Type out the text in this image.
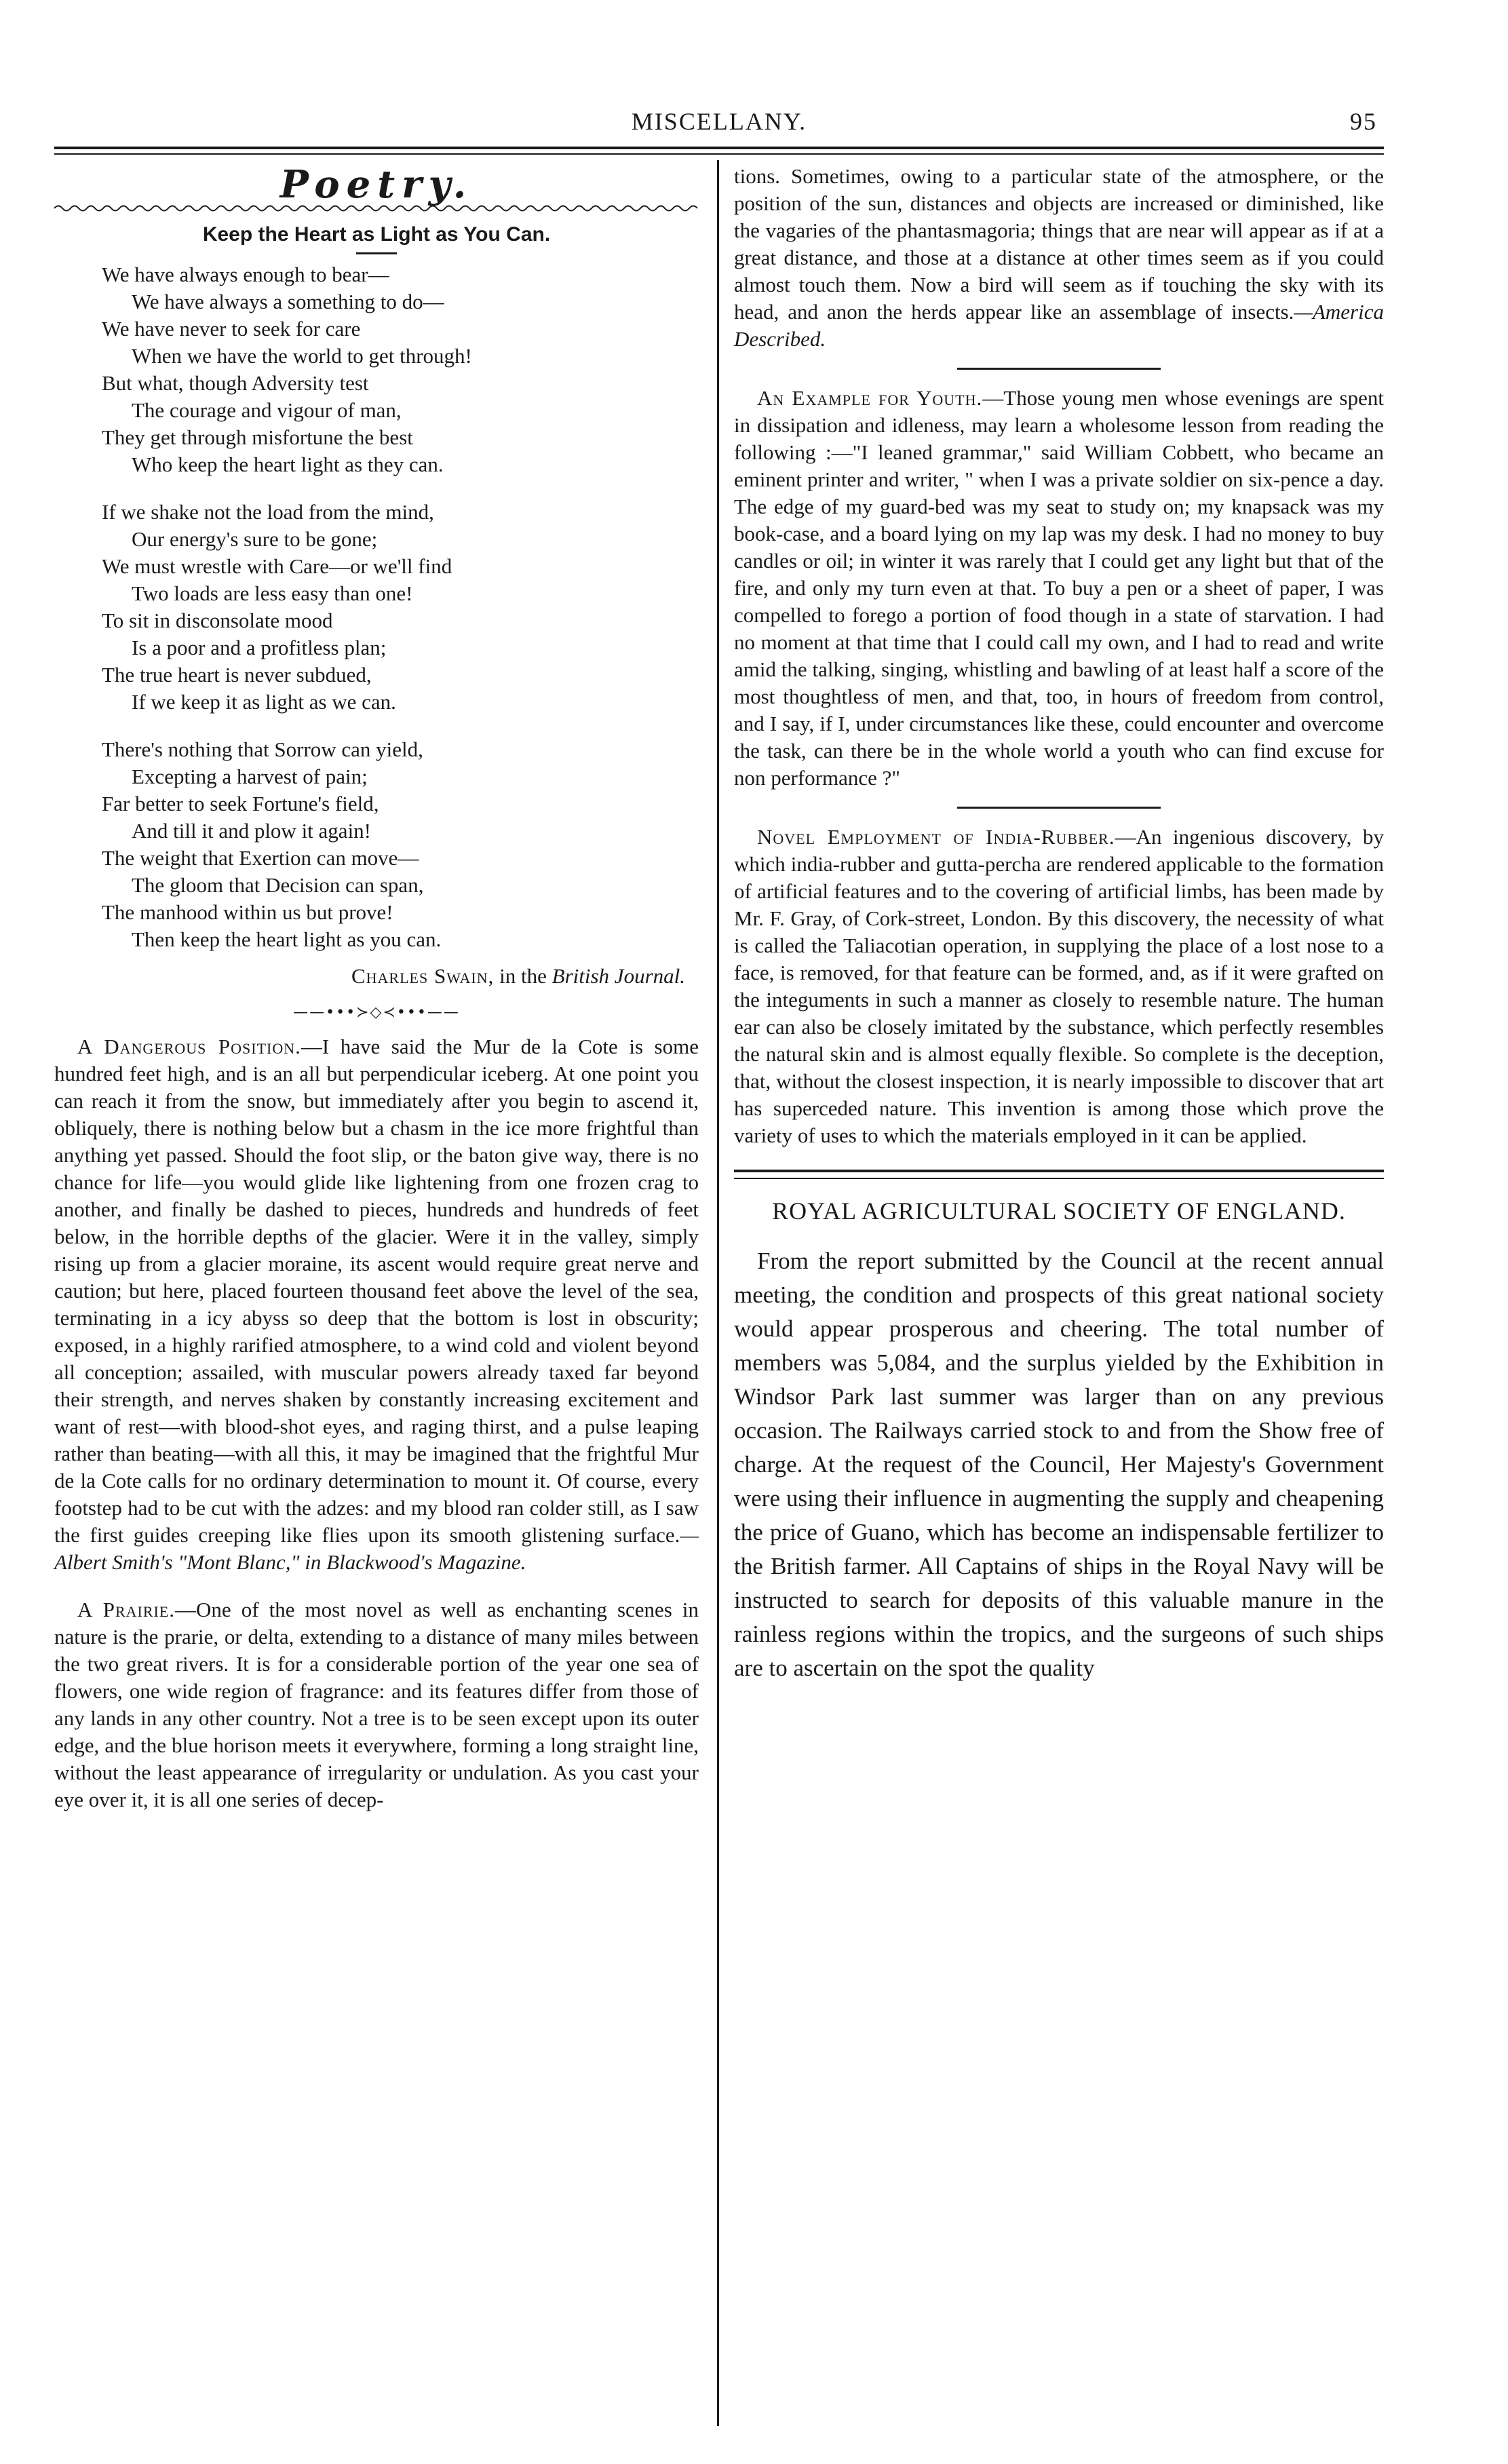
MISCELLANY.	95
Poetry.
Keep the Heart as Light as You Can.
We have always enough to bear—
We have always a something to do—
We have never to seek for care
When we have the world to get through!
But what, though Adversity test
The courage and vigour of man,
They get through misfortune the best
Who keep the heart light as they can.
If we shake not the load from the mind,
Our energy's sure to be gone;
We must wrestle with Care—or we'll find
Two loads are less easy than one!
To sit in disconsolate mood
Is a poor and a profitless plan;
The true heart is never subdued,
If we keep it as light as we can.
There's nothing that Sorrow can yield,
Excepting a harvest of pain;
Far better to seek Fortune's field,
And till it and plow it again!
The weight that Exertion can move—
The gloom that Decision can span,
The manhood within us but prove!
Then keep the heart light as you can.
Charles Swain, in the British Journal.
——•••≻◇≺•••——

A Dangerous Position.—I have said the Mur de la Cote is some hundred feet high, and is an all but perpendicular iceberg. At one point you can reach it from the snow, but immediately after you begin to ascend it, obliquely, there is nothing below but a chasm in the ice more frightful than anything yet passed. Should the foot slip, or the baton give way, there is no chance for life—you would glide like lightening from one frozen crag to another, and finally be dashed to pieces, hundreds and hundreds of feet below, in the horrible depths of the glacier. Were it in the valley, simply rising up from a glacier moraine, its ascent would require great nerve and caution; but here, placed fourteen thousand feet above the level of the sea, terminating in a icy abyss so deep that the bottom is lost in obscurity; exposed, in a highly rarified atmosphere, to a wind cold and violent beyond all conception; assailed, with muscular powers already taxed far beyond their strength, and nerves shaken by constantly increasing excitement and want of rest—with blood-shot eyes, and raging thirst, and a pulse leaping rather than beating—with all this, it may be imagined that the frightful Mur de la Cote calls for no ordinary determination to mount it. Of course, every footstep had to be cut with the adzes: and my blood ran colder still, as I saw the first guides creeping like flies upon its smooth glistening surface.—Albert Smith's "Mont Blanc," in Blackwood's Magazine.

A Prairie.—One of the most novel as well as enchanting scenes in nature is the prarie, or delta, extending to a distance of many miles between the two great rivers. It is for a considerable portion of the year one sea of flowers, one wide region of fragrance: and its features differ from those of any lands in any other country. Not a tree is to be seen except upon its outer edge, and the blue horison meets it everywhere, forming a long straight line, without the least appearance of irregularity or undulation. As you cast your eye over it, it is all one series of decep-

tions. Sometimes, owing to a particular state of the atmosphere, or the position of the sun, distances and objects are increased or diminished, like the vagaries of the phantasmagoria; things that are near will appear as if at a great distance, and those at a distance at other times seem as if you could almost touch them. Now a bird will seem as if touching the sky with its head, and anon the herds appear like an assemblage of insects.—America Described.

An Example for Youth.—Those young men whose evenings are spent in dissipation and idleness, may learn a wholesome lesson from reading the following :—"I leaned grammar," said William Cobbett, who became an eminent printer and writer, " when I was a private soldier on six-pence a day. The edge of my guard-bed was my seat to study on; my knapsack was my book-case, and a board lying on my lap was my desk. I had no money to buy candles or oil; in winter it was rarely that I could get any light but that of the fire, and only my turn even at that. To buy a pen or a sheet of paper, I was compelled to forego a portion of food though in a state of starvation. I had no moment at that time that I could call my own, and I had to read and write amid the talking, singing, whistling and bawling of at least half a score of the most thoughtless of men, and that, too, in hours of freedom from control, and I say, if I, under circumstances like these, could encounter and overcome the task, can there be in the whole world a youth who can find excuse for non performance ?"

Novel Employment of India-Rubber.—An ingenious discovery, by which india-rubber and gutta-percha are rendered applicable to the formation of artificial features and to the covering of artificial limbs, has been made by Mr. F. Gray, of Cork-street, London. By this discovery, the necessity of what is called the Taliacotian operation, in supplying the place of a lost nose to a face, is removed, for that feature can be formed, and, as if it were grafted on the integuments in such a manner as closely to resemble nature. The human ear can also be closely imitated by the substance, which perfectly resembles the natural skin and is almost equally flexible. So complete is the deception, that, without the closest inspection, it is nearly impossible to discover that art has superceded nature. This invention is among those which prove the variety of uses to which the materials employed in it can be applied.

ROYAL AGRICULTURAL SOCIETY OF ENGLAND.

From the report submitted by the Council at the recent annual meeting, the condition and prospects of this great national society would appear prosperous and cheering. The total number of members was 5,084, and the surplus yielded by the Exhibition in Windsor Park last summer was larger than on any previous occasion. The Railways carried stock to and from the Show free of charge. At the request of the Council, Her Majesty's Government were using their influence in augmenting the supply and cheapening the price of Guano, which has become an indispensable fertilizer to the British farmer. All Captains of ships in the Royal Navy will be instructed to search for deposits of this valuable manure in the rainless regions within the tropics, and the surgeons of such ships are to ascertain on the spot the quality
